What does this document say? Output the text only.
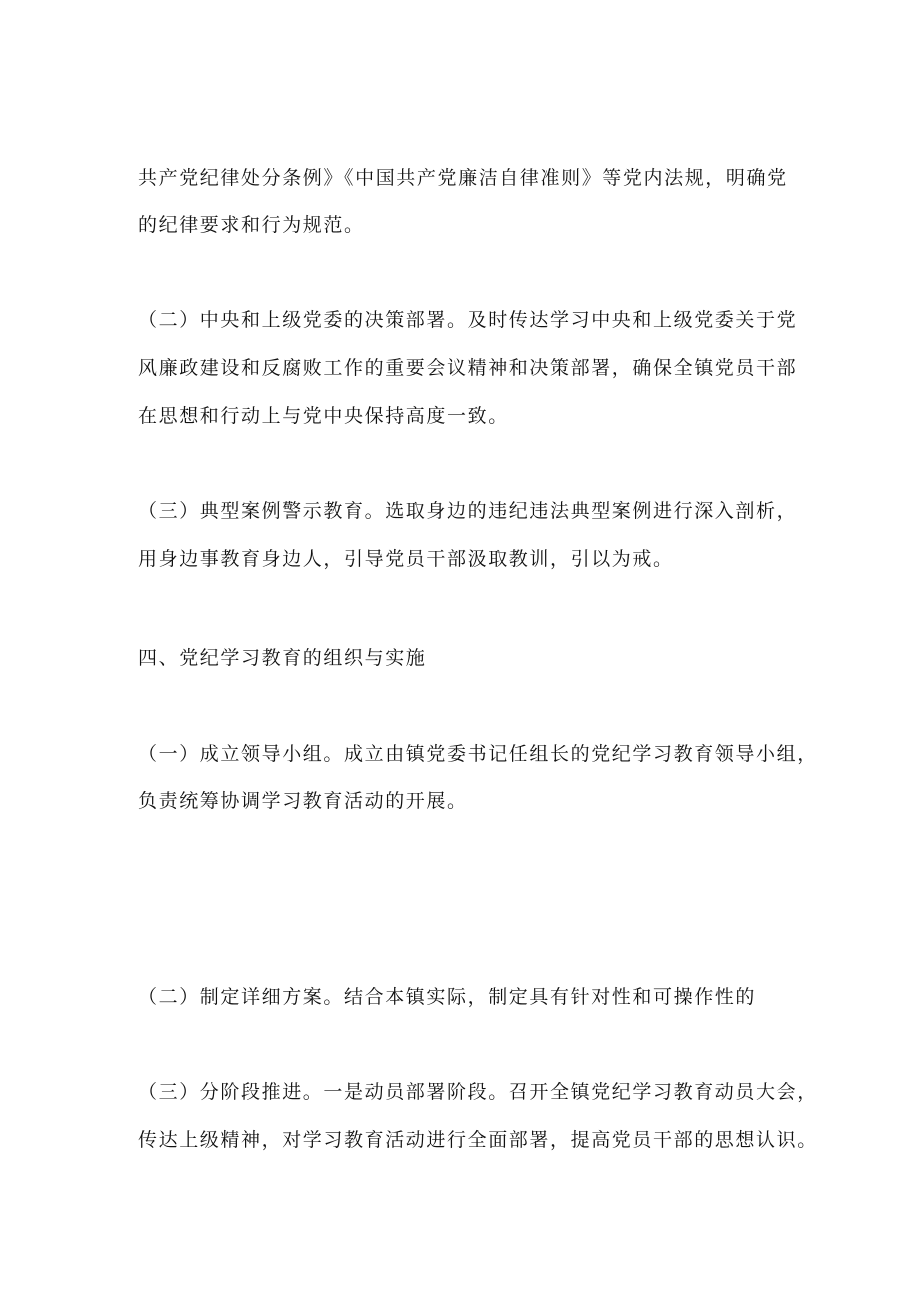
共产党纪律处分条例》《中国共产党廉洁自律准则》等党内法规，明确党

的纪律要求和行为规范。

（二）中央和上级党委的决策部署。及时传达学习中央和上级党委关于党

风廉政建设和反腐败工作的重要会议精神和决策部署，确保全镇党员干部

在思想和行动上与党中央保持高度一致。

（三）典型案例警示教育。选取身边的违纪违法典型案例进行深入剖析，

用身边事教育身边人，引导党员干部汲取教训，引以为戒。

四、党纪学习教育的组织与实施

（一）成立领导小组。成立由镇党委书记任组长的党纪学习教育领导小组，

负责统筹协调学习教育活动的开展。

（二）制定详细方案。结合本镇实际，制定具有针对性和可操作性的

（三）分阶段推进。一是动员部署阶段。召开全镇党纪学习教育动员大会，

传达上级精神，对学习教育活动进行全面部署，提高党员干部的思想认识。
